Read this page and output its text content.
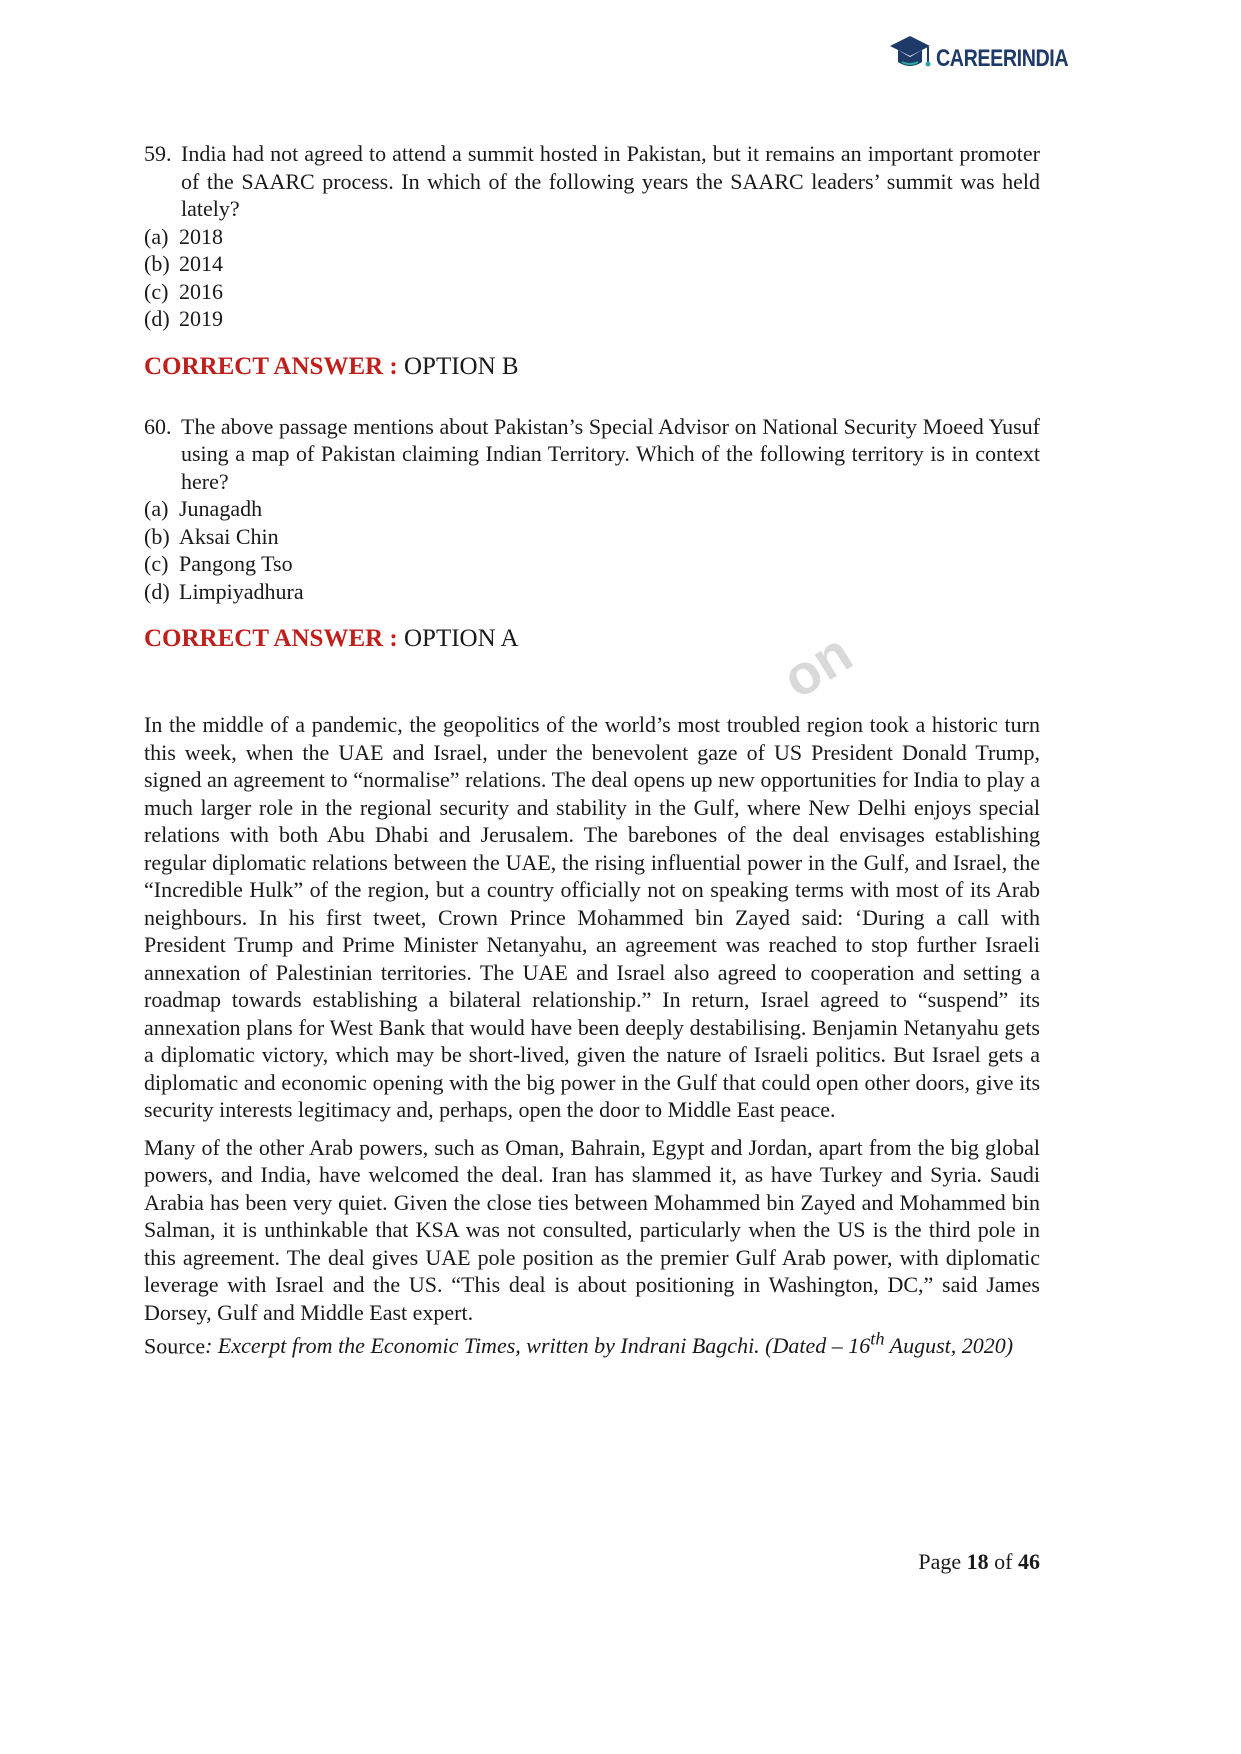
CAREERINDIA
on
59. India had not agreed to attend a summit hosted in Pakistan, but it remains an important promoter of the SAARC process. In which of the following years the SAARC leaders’ summit was held lately?
(a) 2018
(b) 2014
(c) 2016
(d) 2019
CORRECT ANSWER : OPTION B
60. The above passage mentions about Pakistan’s Special Advisor on National Security Moeed Yusuf using a map of Pakistan claiming Indian Territory. Which of the following territory is in context here?
(a) Junagadh
(b) Aksai Chin
(c) Pangong Tso
(d) Limpiyadhura
CORRECT ANSWER : OPTION A

In the middle of a pandemic, the geopolitics of the world’s most troubled region took a historic turn this week, when the UAE and Israel, under the benevolent gaze of US President Donald Trump, signed an agreement to “normalise” relations. The deal opens up new opportunities for India to play a much larger role in the regional security and stability in the Gulf, where New Delhi enjoys special relations with both Abu Dhabi and Jerusalem. The barebones of the deal envisages establishing regular diplomatic relations between the UAE, the rising influential power in the Gulf, and Israel, the “Incredible Hulk” of the region, but a country officially not on speaking terms with most of its Arab neighbours. In his first tweet, Crown Prince Mohammed bin Zayed said: ‘During a call with President Trump and Prime Minister Netanyahu, an agreement was reached to stop further Israeli annexation of Palestinian territories. The UAE and Israel also agreed to cooperation and setting a roadmap towards establishing a bilateral relationship.” In return, Israel agreed to “suspend” its annexation plans for West Bank that would have been deeply destabilising. Benjamin Netanyahu gets a diplomatic victory, which may be short-lived, given the nature of Israeli politics. But Israel gets a diplomatic and economic opening with the big power in the Gulf that could open other doors, give its security interests legitimacy and, perhaps, open the door to Middle East peace.

Many of the other Arab powers, such as Oman, Bahrain, Egypt and Jordan, apart from the big global powers, and India, have welcomed the deal. Iran has slammed it, as have Turkey and Syria. Saudi Arabia has been very quiet. Given the close ties between Mohammed bin Zayed and Mohammed bin Salman, it is unthinkable that KSA was not consulted, particularly when the US is the third pole in this agreement. The deal gives UAE pole position as the premier Gulf Arab power, with diplomatic leverage with Israel and the US. “This deal is about positioning in Washington, DC,” said James Dorsey, Gulf and Middle East expert.

Source: Excerpt from the Economic Times, written by Indrani Bagchi. (Dated – 16th August, 2020)

Page 18 of 46
